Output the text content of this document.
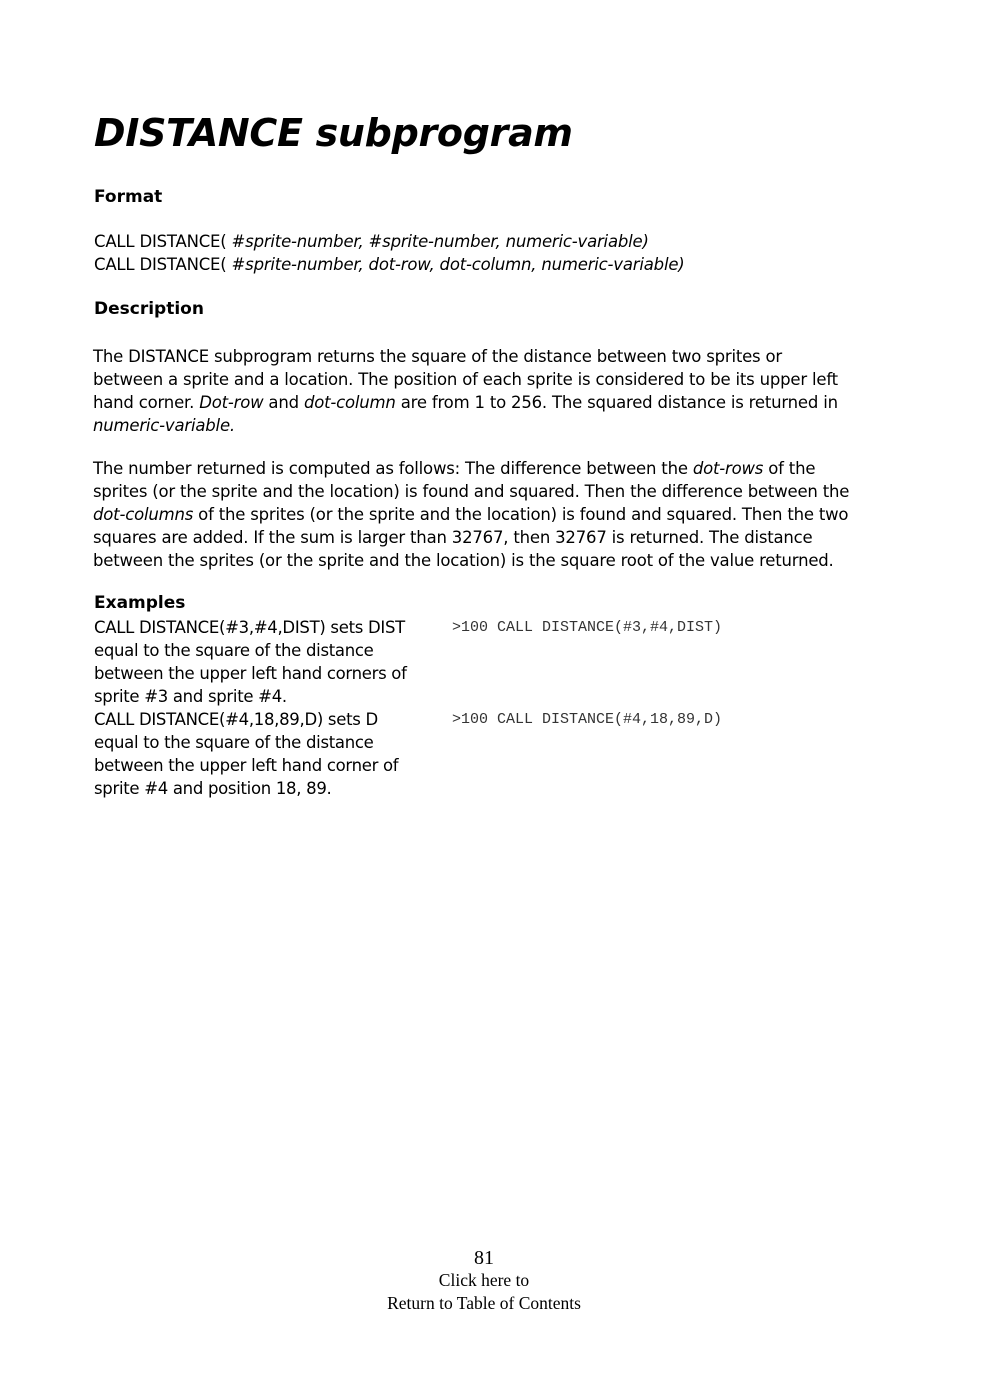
DISTANCE subprogram
Format

CALL DISTANCE( #sprite-number, #sprite-number, numeric-variable)

CALL DISTANCE( #sprite-number, dot-row, dot-column, numeric-variable)

Description
The DISTANCE subprogram returns the square of the distance between two sprites or
between a sprite and a location. The position of each sprite is considered to be its upper left
hand corner. Dot-row and dot-column are from 1 to 256. The squared distance is returned in
numeric-variable.
The number returned is computed as follows: The difference between the dot-rows of the
sprites (or the sprite and the location) is found and squared. Then the difference between the
dot-columns of the sprites (or the sprite and the location) is found and squared. Then the two
squares are added. If the sum is larger than 32767, then 32767 is returned. The distance
between the sprites (or the sprite and the location) is the square root of the value returned.
Examples
CALL DISTANCE(#3,#4,DIST) sets DIST
equal to the square of the distance
between the upper left hand corners of
sprite #3 and sprite #4.
>100 CALL DISTANCE(#3,#4,DIST)
CALL DISTANCE(#4,18,89,D) sets D
equal to the square of the distance
between the upper left hand corner of
sprite #4 and position 18, 89.
>100 CALL DISTANCE(#4,18,89,D)
81
Click here to
Return to Table of Contents
